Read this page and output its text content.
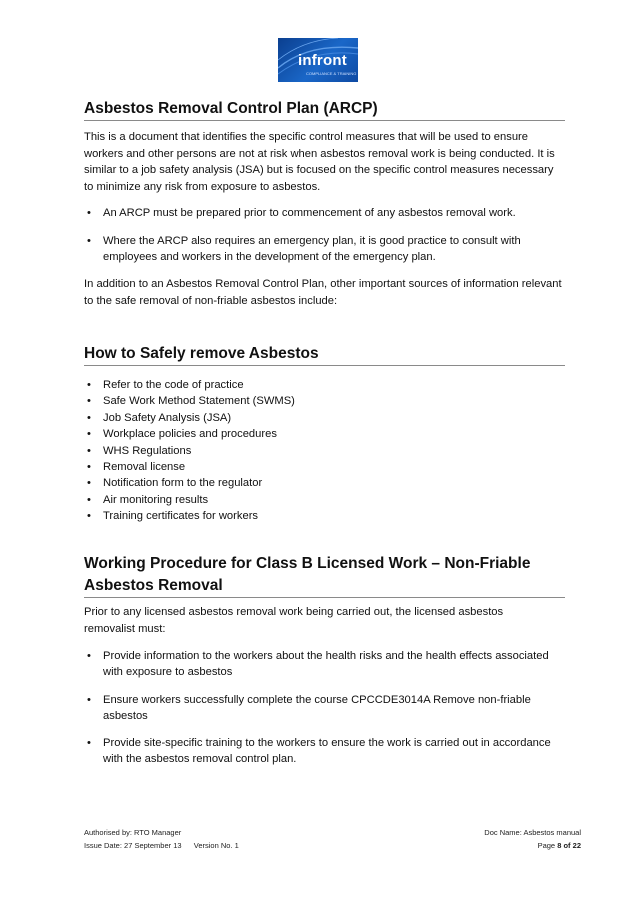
infront
COMPLIANCE & TRAINING
Asbestos Removal Control Plan (ARCP)

This is a document that identifies the specific control measures that will be used to ensure workers and other persons are not at risk when asbestos removal work is being conducted. It is similar to a job safety analysis (JSA) but is focused on the specific control measures necessary to minimize any risk from exposure to asbestos.

• An ARCP must be prepared prior to commencement of any asbestos removal work.
• Where the ARCP also requires an emergency plan, it is good practice to consult with employees and workers in the development of the emergency plan.

In addition to an Asbestos Removal Control Plan, other important sources of information relevant to the safe removal of non-friable asbestos include:

How to Safely remove Asbestos
• Refer to the code of practice
• Safe Work Method Statement (SWMS)
• Job Safety Analysis (JSA)
• Workplace policies and procedures
• WHS Regulations
• Removal license
• Notification form to the regulator
• Air monitoring results
• Training certificates for workers
Working Procedure for Class B Licensed Work – Non-Friable
Asbestos Removal

Prior to any licensed asbestos removal work being carried out, the licensed asbestos removalist must:

• Provide information to the workers about the health risks and the health effects associated with exposure to asbestos
• Ensure workers successfully complete the course CPCCDE3014A Remove non-friable asbestos
• Provide site-specific training to the workers to ensure the work is carried out in accordance with the asbestos removal control plan.
Authorised by: RTO Manager
Issue Date: 27 September 13 Version No. 1
Doc Name: Asbestos manual
Page 8 of 22
